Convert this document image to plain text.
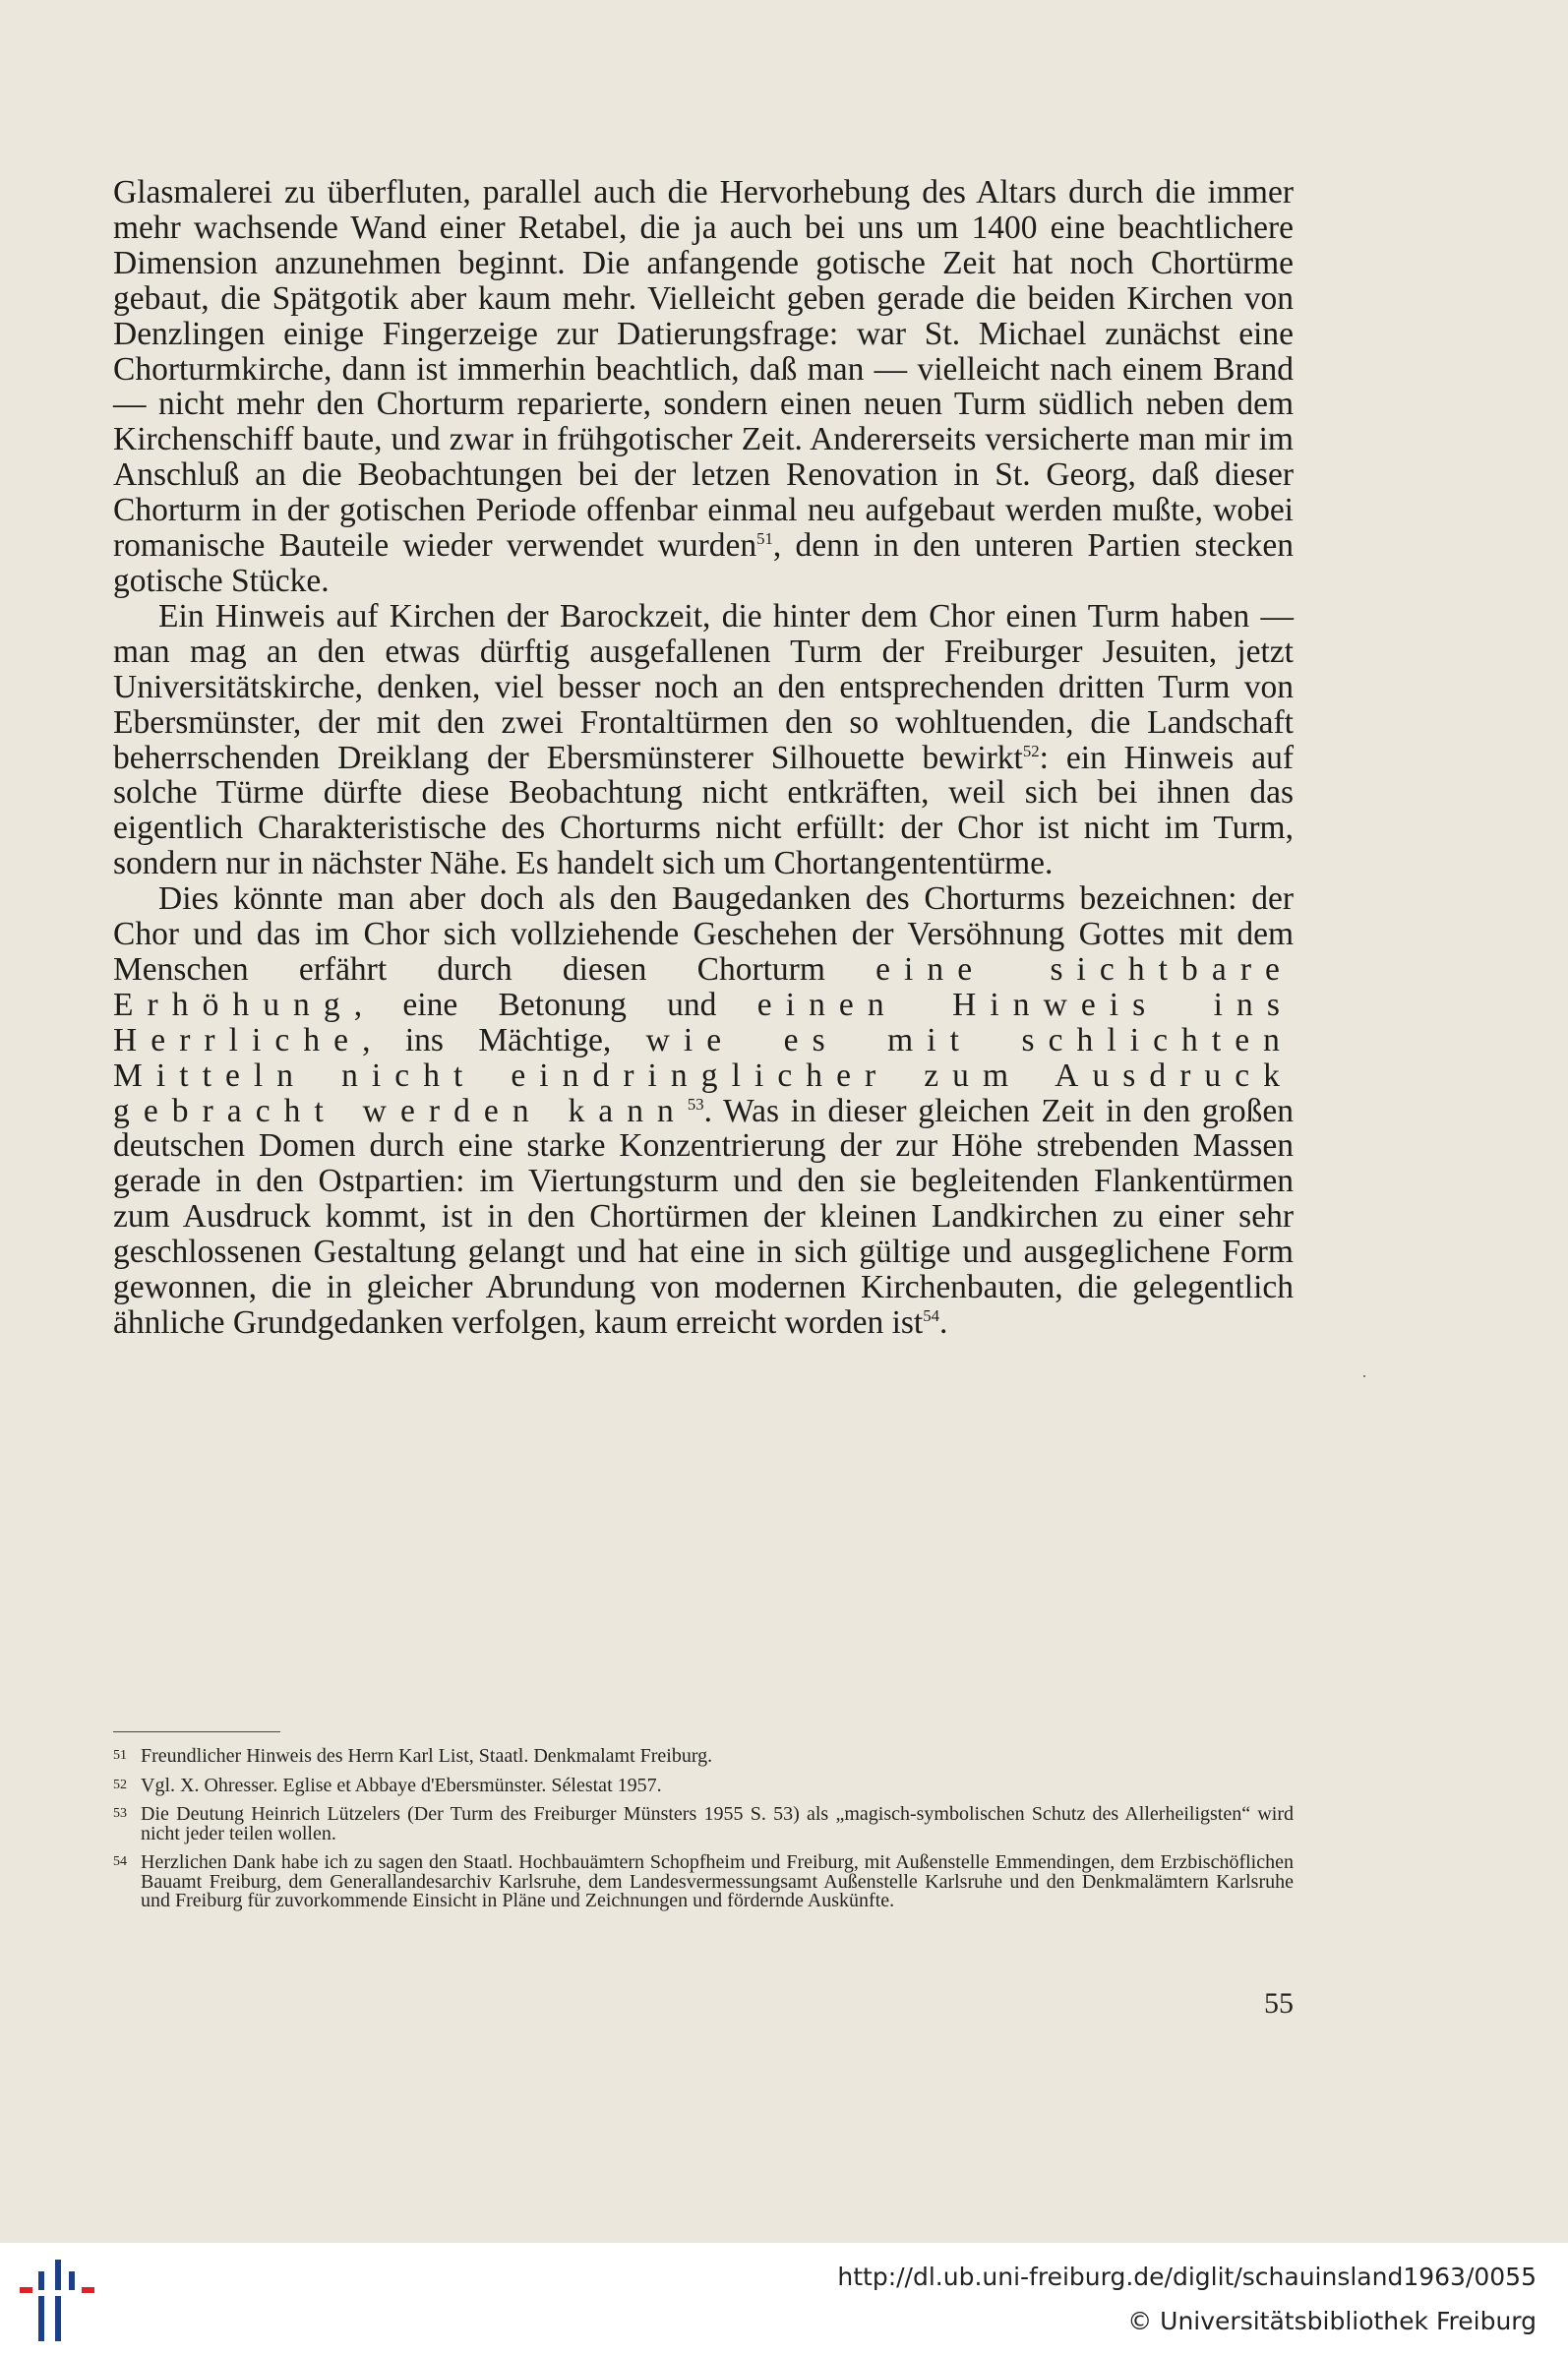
Glasmalerei zu überfluten, parallel auch die Hervorhebung des Altars durch die immer mehr wachsende Wand einer Retabel, die ja auch bei uns um 1400 eine beachtlichere Dimension anzunehmen beginnt. Die anfangende gotische Zeit hat noch Chortürme gebaut, die Spätgotik aber kaum mehr. Vielleicht geben gerade die beiden Kirchen von Denzlingen einige Fingerzeige zur Datierungsfrage: war St. Michael zunächst eine Chorturmkirche, dann ist immerhin beachtlich, daß man — vielleicht nach einem Brand — nicht mehr den Chorturm reparierte, sondern einen neuen Turm südlich neben dem Kirchenschiff baute, und zwar in frühgotischer Zeit. Andererseits versicherte man mir im Anschluß an die Beobachtungen bei der letzen Renovation in St. Georg, daß dieser Chorturm in der gotischen Periode offenbar einmal neu aufgebaut werden mußte, wobei romanische Bauteile wieder verwendet wurden$^{51}$, denn in den unteren Partien stecken gotische Stücke.

Ein Hinweis auf Kirchen der Barockzeit, die hinter dem Chor einen Turm haben — man mag an den etwas dürftig ausgefallenen Turm der Freiburger Jesuiten, jetzt Universitätskirche, denken, viel besser noch an den entsprechenden dritten Turm von Ebersmünster, der mit den zwei Frontaltürmen den so wohltuenden, die Landschaft beherrschenden Dreiklang der Ebersmünsterer Silhouette bewirkt$^{52}$: ein Hinweis auf solche Türme dürfte diese Beobachtung nicht entkräften, weil sich bei ihnen das eigentlich Charakteristische des Chorturms nicht erfüllt: der Chor ist nicht im Turm, sondern nur in nächster Nähe. Es handelt sich um Chortangententürme.

Dies könnte man aber doch als den Baugedanken des Chorturms bezeichnen: der Chor und das im Chor sich vollziehende Geschehen der Versöhnung Gottes mit dem Menschen erfährt durch diesen Chorturm eine sichtbare Erhöhung, eine Betonung und einen Hinweis ins Herrliche, ins Mächtige, wie es mit schlichten Mitteln nicht eindringlicher zum Ausdruck gebracht werden kann$^{53}$. Was in dieser gleichen Zeit in den großen deutschen Domen durch eine starke Konzentrierung der zur Höhe strebenden Massen gerade in den Ostpartien: im Viertungsturm und den sie begleitenden Flankentürmen zum Ausdruck kommt, ist in den Chortürmen der kleinen Landkirchen zu einer sehr geschlossenen Gestaltung gelangt und hat eine in sich gültige und ausgeglichene Form gewonnen, die in gleicher Abrundung von modernen Kirchenbauten, die gelegentlich ähnliche Grundgedanken verfolgen, kaum erreicht worden ist$^{54}$.

51 Freundlicher Hinweis des Herrn Karl List, Staatl. Denkmalamt Freiburg.
52 Vgl. X. Ohresser. Eglise et Abbaye d'Ebersmünster. Sélestat 1957.
53 Die Deutung Heinrich Lützelers (Der Turm des Freiburger Münsters 1955 S. 53) als „magisch-symbolischen Schutz des Allerheiligsten“ wird nicht jeder teilen wollen.
54 Herzlichen Dank habe ich zu sagen den Staatl. Hochbauämtern Schopfheim und Freiburg, mit Außenstelle Emmendingen, dem Erzbischöflichen Bauamt Freiburg, dem Generallandesarchiv Karlsruhe, dem Landesvermessungsamt Außenstelle Karlsruhe und den Denkmalämtern Karlsruhe und Freiburg für zuvorkommende Einsicht in Pläne und Zeichnungen und fördernde Auskünfte.
55
http://dl.ub.uni-freiburg.de/diglit/schauinsland1963/0055
© Universitätsbibliothek Freiburg
